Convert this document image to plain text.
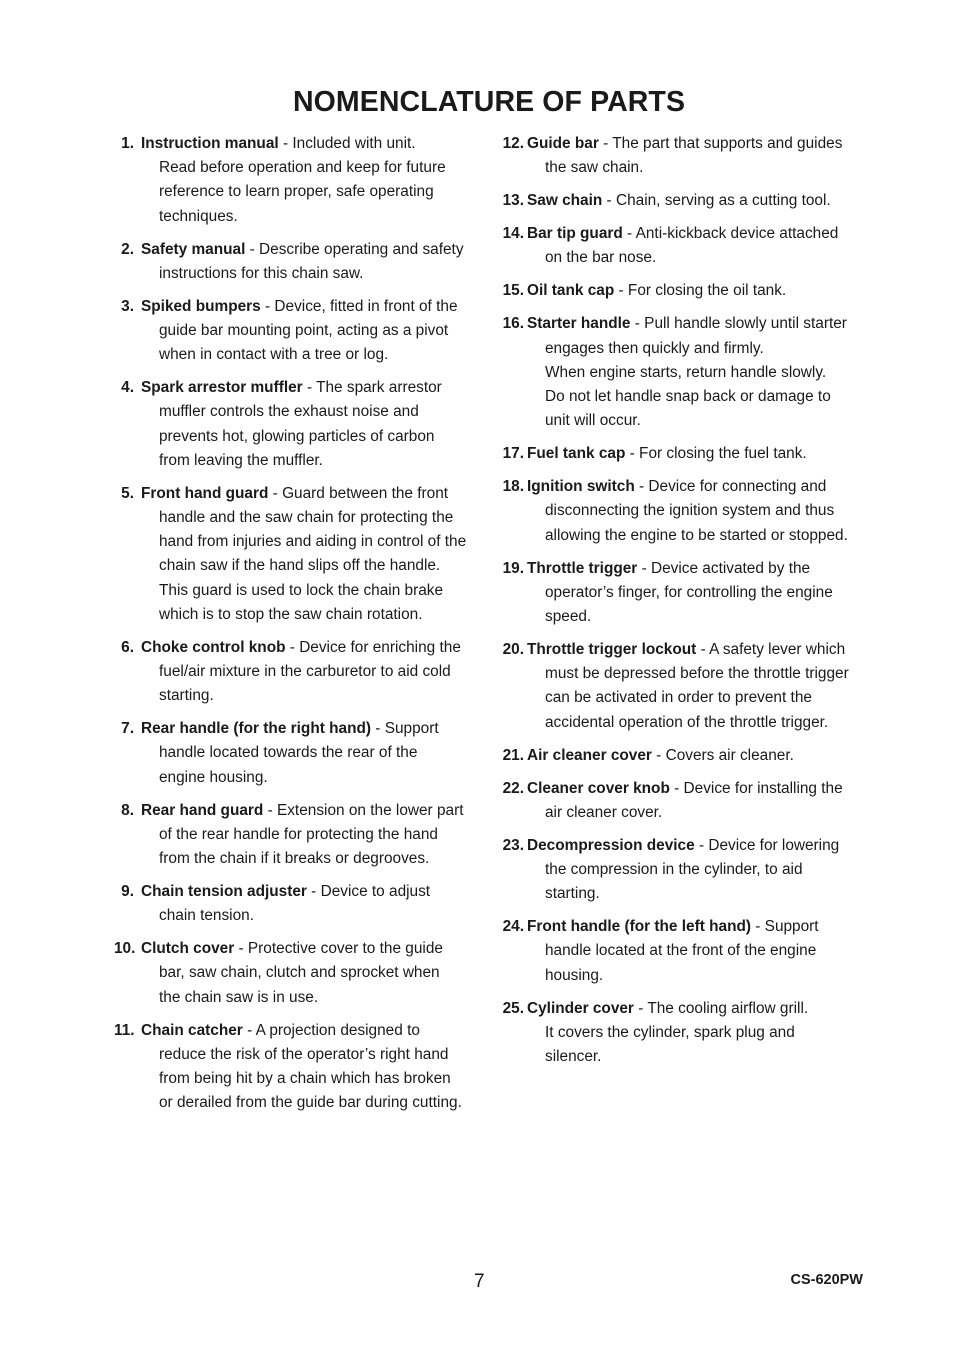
NOMENCLATURE OF PARTS
1. Instruction manual - Included with unit.
Read before operation and keep for future
reference to learn proper, safe operating
techniques.
2. Safety manual - Describe operating and safety
instructions for this chain saw.
3. Spiked bumpers - Device, fitted in front of the
guide bar mounting point, acting as a pivot
when in contact with a tree or log.
4. Spark arrestor muffler - The spark arrestor
muffler controls the exhaust noise and
prevents hot, glowing particles of carbon
from leaving the muffler.
5. Front hand guard - Guard between the front
handle and the saw chain for protecting the
hand from injuries and aiding in control of the
chain saw if the hand slips off the handle.
This guard is used to lock the chain brake
which is to stop the saw chain rotation.
6. Choke control knob - Device for enriching the
fuel/air mixture in the carburetor to aid cold
starting.
7. Rear handle (for the right hand) - Support
handle located towards the rear of the
engine housing.
8. Rear hand guard - Extension on the lower part
of the rear handle for protecting the hand
from the chain if it breaks or degrooves.
9. Chain tension adjuster - Device to adjust
chain tension.
10. Clutch cover - Protective cover to the guide
bar, saw chain, clutch and sprocket when
the chain saw is in use.
11. Chain catcher - A projection designed to
reduce the risk of the operator’s right hand
from being hit by a chain which has broken
or derailed from the guide bar during cutting.
12. Guide bar - The part that supports and guides
the saw chain.
13. Saw chain - Chain, serving as a cutting tool.
14. Bar tip guard - Anti-kickback device attached
on the bar nose.
15. Oil tank cap - For closing the oil tank.
16. Starter handle - Pull handle slowly until starter
engages then quickly and firmly.
When engine starts, return handle slowly.
Do not let handle snap back or damage to
unit will occur.
17. Fuel tank cap - For closing the fuel tank.
18. Ignition switch - Device for connecting and
disconnecting the ignition system and thus
allowing the engine to be started or stopped.
19. Throttle trigger - Device activated by the
operator’s finger, for controlling the engine
speed.
20. Throttle trigger lockout - A safety lever which
must be depressed before the throttle trigger
can be activated in order to prevent the
accidental operation of the throttle trigger.
21. Air cleaner cover - Covers air cleaner.
22. Cleaner cover knob - Device for installing the
air cleaner cover.
23. Decompression device - Device for lowering
the compression in the cylinder, to aid
starting.
24. Front handle (for the left hand) - Support
handle located at the front of the engine
housing.
25. Cylinder cover - The cooling airflow grill.
It covers the cylinder, spark plug and
silencer.
7	CS-620PW
